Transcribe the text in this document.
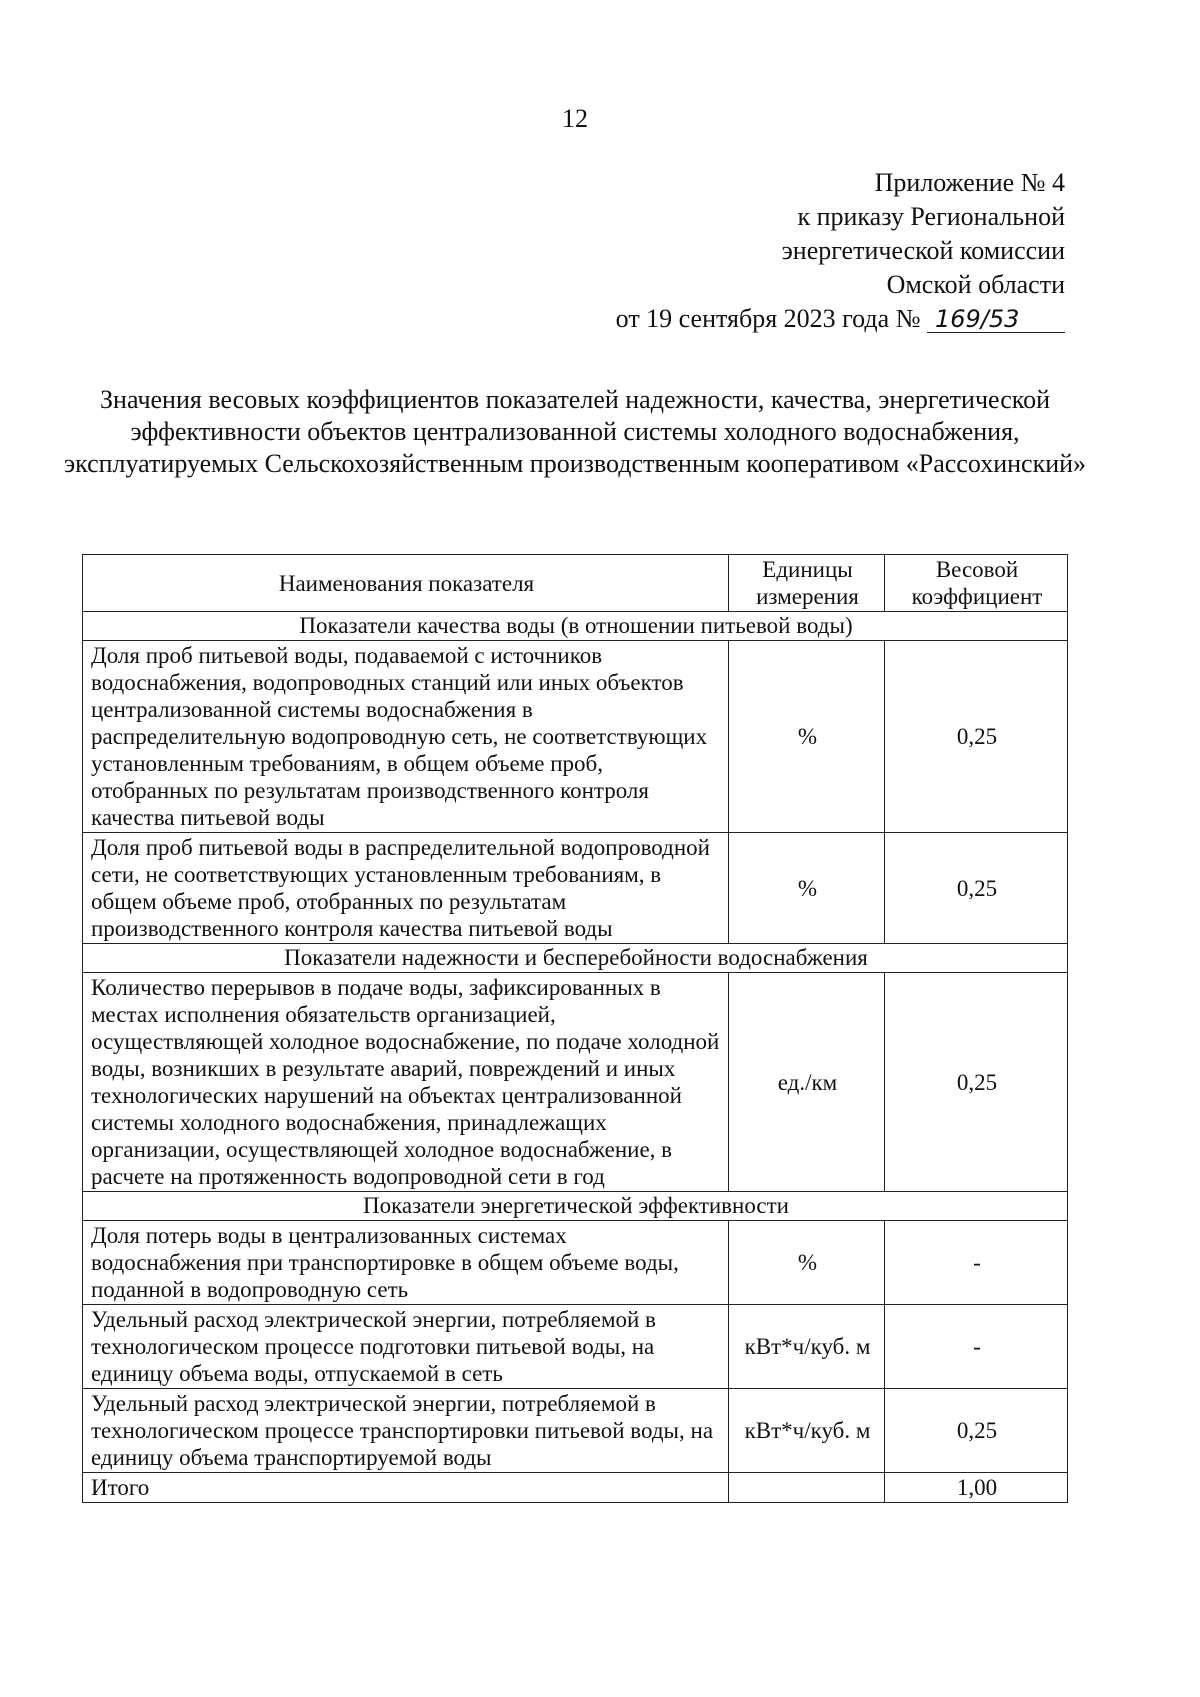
12
Приложение № 4
к приказу Региональной
энергетической комиссии
Омской области
от 19 сентября 2023 года № 169/53
Значения весовых коэффициентов показателей надежности, качества, энергетической эффективности объектов централизованной системы холодного водоснабжения, эксплуатируемых Сельскохозяйственным производственным кооперативом «Рассохинский»
Наименования показателя	Единицы измерения	Весовой коэффициент
Показатели качества воды (в отношении питьевой воды)		
Доля проб питьевой воды, подаваемой с источников водоснабжения, водопроводных станций или иных объектов централизованной системы водоснабжения в распределительную водопроводную сеть, не соответствующих установленным требованиям, в общем объеме проб, отобранных по результатам производственного контроля качества питьевой воды	%	0,25
Доля проб питьевой воды в распределительной водопроводной сети, не соответствующих установленным требованиям, в общем объеме проб, отобранных по результатам производственного контроля качества питьевой воды	%	0,25
Показатели надежности и бесперебойности водоснабжения		
Количество перерывов в подаче воды, зафиксированных в местах исполнения обязательств организацией, осуществляющей холодное водоснабжение, по подаче холодной воды, возникших в результате аварий, повреждений и иных технологических нарушений на объектах централизованной системы холодного водоснабжения, принадлежащих организации, осуществляющей холодное водоснабжение, в расчете на протяженность водопроводной сети в год	ед./км	0,25
Показатели энергетической эффективности		
Доля потерь воды в централизованных системах водоснабжения при транспортировке в общем объеме воды, поданной в водопроводную сеть	%	-
Удельный расход электрической энергии, потребляемой в технологическом процессе подготовки питьевой воды, на единицу объема воды, отпускаемой в сеть	кВт*ч/куб. м	-
Удельный расход электрической энергии, потребляемой в технологическом процессе транспортировки питьевой воды, на единицу объема транспортируемой воды	кВт*ч/куб. м	0,25
Итого		1,00
